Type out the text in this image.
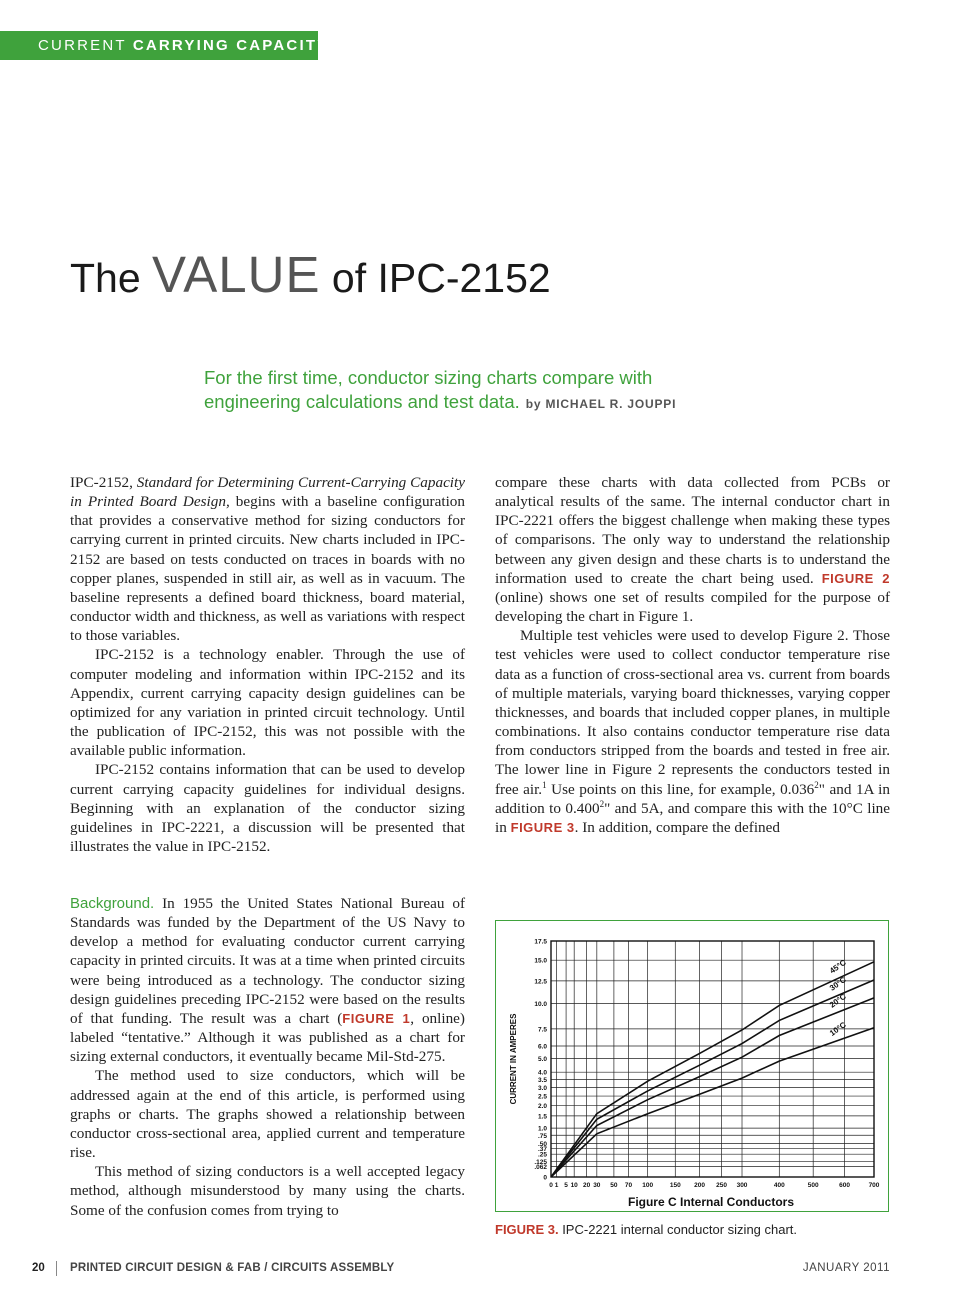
CURRENT CARRYING CAPACITY
The VALUE of IPC-2152
For the first time, conductor sizing charts compare with engineering calculations and test data. by MICHAEL R. JOUPPI

IPC-2152, Standard for Determining Current-Carrying Capacity in Printed Board Design, begins with a baseline configuration that provides a conservative method for sizing conductors for carrying current in printed circuits. New charts included in IPC-2152 are based on tests conducted on traces in boards with no copper planes, suspended in still air, as well as in vacuum. The baseline represents a defined board thickness, board material, conductor width and thickness, as well as variations with respect to those variables.

IPC-2152 is a technology enabler. Through the use of computer modeling and information within IPC-2152 and its Appendix, current carrying capacity design guidelines can be optimized for any variation in printed circuit technology. Until the publication of IPC-2152, this was not possible with the available public information.

IPC-2152 contains information that can be used to develop current carrying capacity guidelines for individual designs. Beginning with an explanation of the conductor sizing guidelines in IPC-2221, a discussion will be presented that illustrates the value in IPC-2152.

Background. In 1955 the United States National Bureau of Standards was funded by the Department of the US Navy to develop a method for evaluating conductor current carrying capacity in printed circuits. It was at a time when printed circuits were being introduced as a technology. The conductor sizing design guidelines preceding IPC-2152 were based on the results of that funding. The result was a chart (FIGURE 1, online) labeled “tentative.” Although it was published as a chart for sizing external conductors, it eventually became Mil-Std-275.

The method used to size conductors, which will be addressed again at the end of this article, is performed using graphs or charts. The graphs showed a relationship between conductor cross-sectional area, applied current and temperature rise.

This method of sizing conductors is a well accepted legacy method, although misunderstood by many using the charts. Some of the confusion comes from trying to

compare these charts with data collected from PCBs or analytical results of the same. The internal conductor chart in IPC-2221 offers the biggest challenge when making these types of comparisons. The only way to understand the relationship between any given design and these charts is to understand the information used to create the chart being used. FIGURE 2 (online) shows one set of results compiled for the purpose of developing the chart in Figure 1.

Multiple test vehicles were used to develop Figure 2. Those test vehicles were used to collect conductor temperature rise data as a function of cross-sectional area vs. current from boards of multiple materials, varying board thicknesses, varying copper thicknesses, and boards that included copper planes, in multiple combinations. It also contains conductor temperature rise data from conductors stripped from the boards and tested in free air. The lower line in Figure 2 represents the conductors tested in free air.$^1$ Use points on this line, for example, 0.036$^2$" and 1A in addition to 0.400$^2$" and 5A, and compare this with the 10°C line in FIGURE 3. In addition, compare the defined

17.5
15.0
12.5
10.0
7.5
6.0
5.0
4.0
3.5
3.0
2.5
2.0
1.5
1.0
.75
.50
.37
.25
.125
.062
0
0 1 5 10 20 30 50 70 100	150 200 250 300	400	500	600	700
CURRENT IN AMPERES
Figure C Internal Conductors
45°C
30°C
20°C
10°C
FIGURE 3. IPC-2221 internal conductor sizing chart.
20 PRINTED CIRCUIT DESIGN & FAB / CIRCUITS ASSEMBLY	JANUARY 2011
